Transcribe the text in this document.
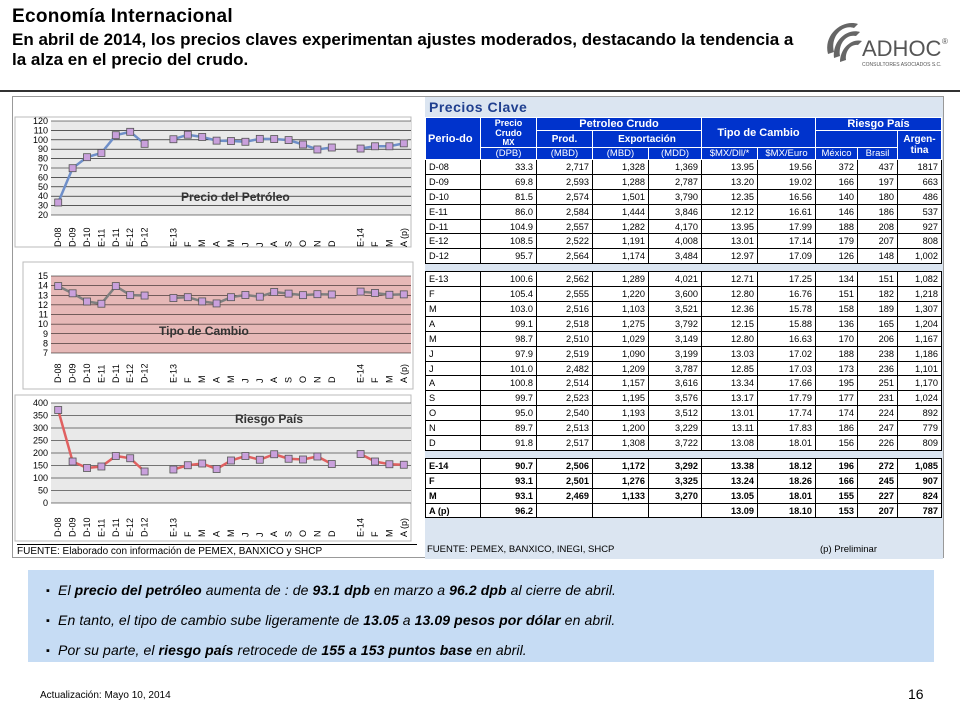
Economía Internacional
En abril de 2014, los precios claves experimentan ajustes moderados, destacando la tendencia a la alza en el precio del crudo.	ADHOC ®
CONSULTORES ASOCIADOS S.C.
20
30
40
50
60
70
80
90
100
110
120
D-08 D-09 D-10 E-11 D-11 E-12 D-12 E-13 F M A M J J A S O N D E-14 F M A (p)
Precio del Petróleo
7
8
9
10
11
12
13
14
15
D-08 D-09 D-10 E-11 D-11 E-12 D-12 E-13 F M A M J J A S O N D E-14 F M A (p)
Tipo de Cambio
0
50
100
150
200
250
300
350
400
D-08 D-09 D-10 E-11 D-11 E-12 D-12 E-13 F M A M J J A S O N D E-14 F M A (p)
Riesgo País
FUENTE: Elaborado con información de PEMEX, BANXICO y SHCP
Precios Clave
Perio-do	Precio Crudo
MX	Petroleo Crudo			Tipo de Cambio		Riesgo País		
		Prod.	Exportación						Argen-tina
	(DPB)	(MBD)	(MBD)	(MDD)	$MX/Dll/*	$MX/Euro	México	Brasil	
D-08	33.3	2,717	1,328	1,369	13.95	19.56	372	437	1817
D-09	69.8	2,593	1,288	2,787	13.20	19.02	166	197	663
D-10	81.5	2,574	1,501	3,790	12.35	16.56	140	180	486
E-11	86.0	2,584	1,444	3,846	12.12	16.61	146	186	537
D-11	104.9	2,557	1,282	4,170	13.95	17.99	188	208	927
E-12	108.5	2,522	1,191	4,008	13.01	17.14	179	207	808
D-12	95.7	2,564	1,174	3,484	12.97	17.09	126	148	1,002

E-13	100.6	2,562	1,289	4,021	12.71	17.25	134	151	1,082
F	105.4	2,555	1,220	3,600	12.80	16.76	151	182	1,218
M	103.0	2,516	1,103	3,521	12.36	15.78	158	189	1,307
A	99.1	2,518	1,275	3,792	12.15	15.88	136	165	1,204
M	98.7	2,510	1,029	3,149	12.80	16.63	170	206	1,167
J	97.9	2,519	1,090	3,199	13.03	17.02	188	238	1,186
J	101.0	2,482	1,209	3,787	12.85	17.03	173	236	1,101
A	100.8	2,514	1,157	3,616	13.34	17.66	195	251	1,170
S	99.7	2,523	1,195	3,576	13.17	17.79	177	231	1,024
O	95.0	2,540	1,193	3,512	13.01	17.74	174	224	892
N	89.7	2,513	1,200	3,229	13.11	17.83	186	247	779
D	91.8	2,517	1,308	3,722	13.08	18.01	156	226	809

E-14	90.7	2,506	1,172	3,292	13.38	18.12	196	272	1,085
F	93.1	2,501	1,276	3,325	13.24	18.26	166	245	907
M	93.1	2,469	1,133	3,270	13.05	18.01	155	227	824
A (p)	96.2				13.09	18.10	153	207	787
FUENTE: PEMEX, BANXICO, INEGI, SHCP	(p) Preliminar
▪ El precio del petróleo aumenta de : de 93.1 dpb en marzo a 96.2 dpb al cierre de abril.
▪ En tanto, el tipo de cambio sube ligeramente de 13.05 a 13.09 pesos por dólar en abril.
▪ Por su parte, el riesgo país retrocede de 155 a 153 puntos base en abril.
Actualización: Mayo 10, 2014	16
